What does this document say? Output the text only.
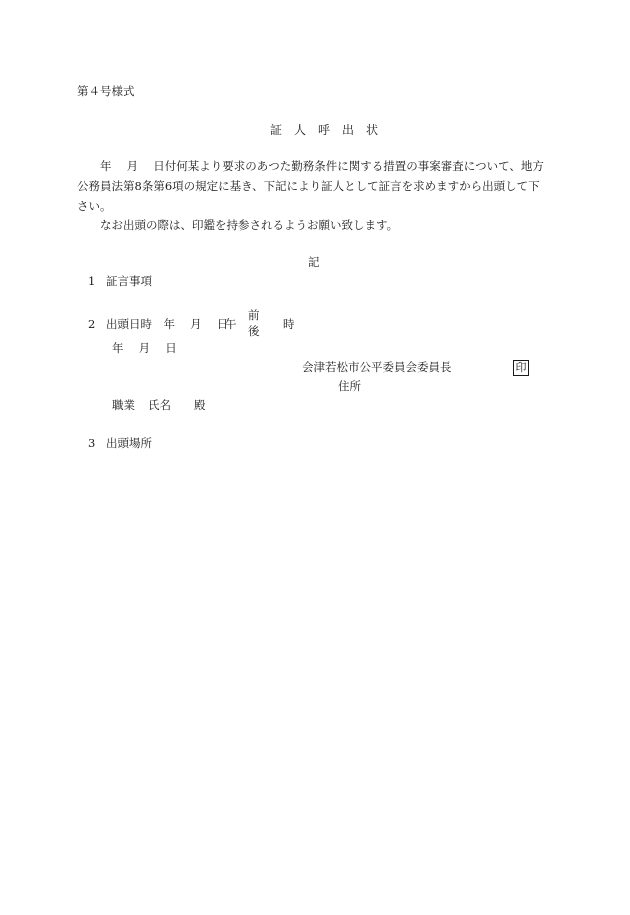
第４号様式
証　人　呼　出　状
年　 月　 日付何某より要求のあつた勤務条件に関する措置の事案審査について、地方
公務員法第8条第6項の規定に基き、下記により証人として証言を求めますから出頭して下
さい。
なお出頭の際は、印鑑を持参されるようお願い致します。
記
1 証言事項
2 出頭日時　年　 月　 日
午
前
後 時
年　 月　 日
会津若松市公平委員会委員長	印
住所
職業 氏名 殿
3 出頭場所
